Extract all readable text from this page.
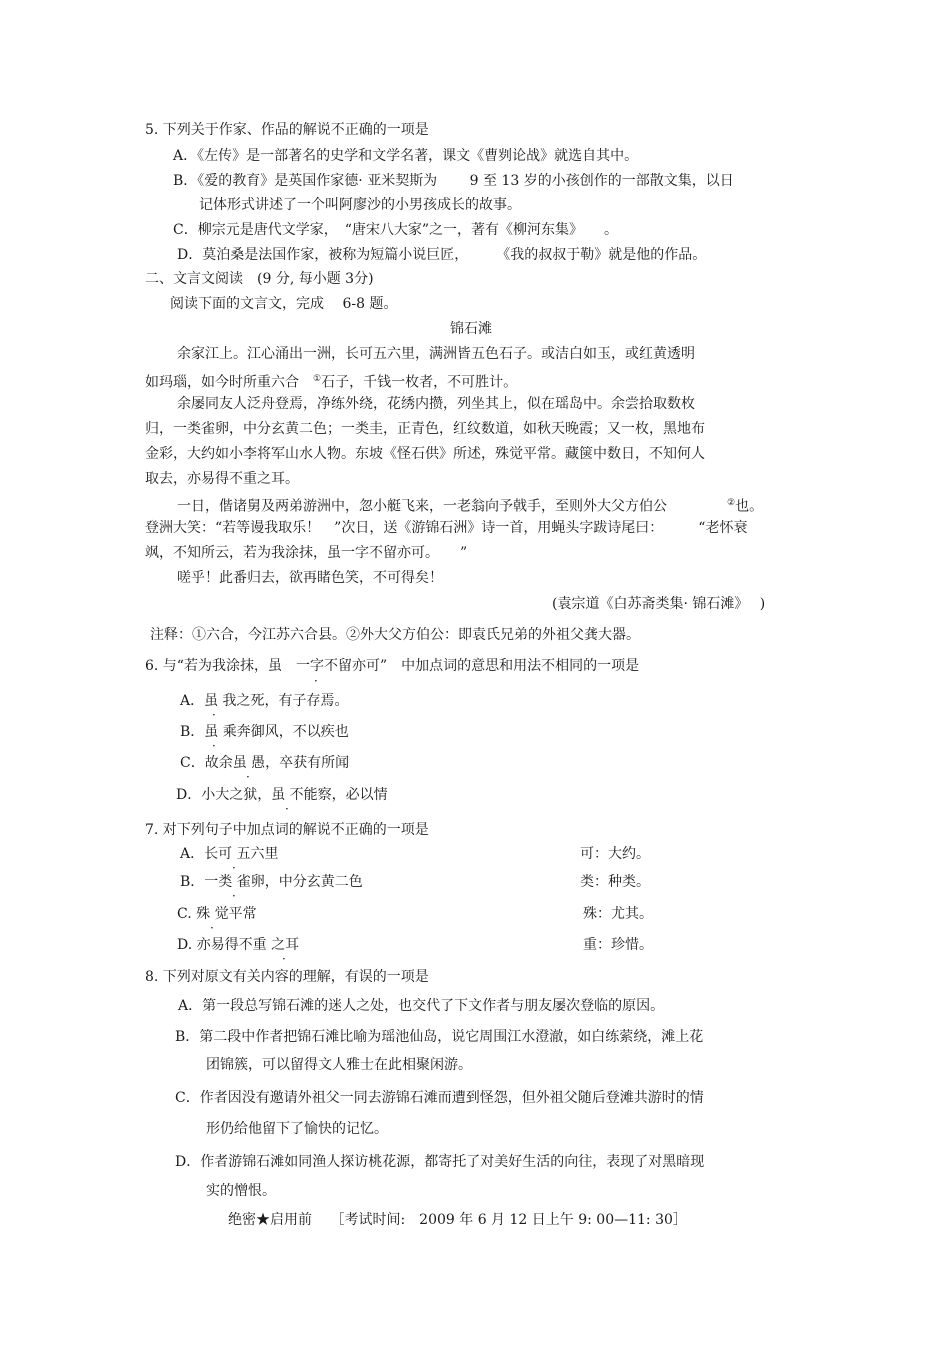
5. 下列关于作家、作品的解说不正确的一项是
A．《左传》是一部著名的史学和文学名著，课文《曹刿论战》就选自其中。
B．《爱的教育》是英国作家德· 亚米契斯为　　 9 至 13 岁的小孩创作的一部散文集，以日
记体形式讲述了一个叫阿廖沙的小男孩成长的故事。
C．柳宗元是唐代文学家，　“唐宋八大家”之一，著有《柳河东集》　　。
D．莫泊桑是法国作家，被称为短篇小说巨匠，　　　《我的叔叔于勒》就是他的作品。
二、文言文阅读　(9 分, 每小题 3分)
阅读下面的文言文，完成　 6-8 题。
锦石滩
余家江上。江心涌出一洲，长可五六里，满洲皆五色石子。或洁白如玉，或红黄透明
如玛瑙，如今时所重六合　①石子，千钱一枚者，不可胜计。
余屡同友人泛舟登焉，净练外绕，花绣内攒，列坐其上，似在瑶岛中。余尝拾取数枚
归，一类雀卵，中分玄黄二色；一类圭，正青色，红纹数道，如秋天晚霞；又一枚，黑地布
金彩，大约如小李将军山水人物。东坡《怪石供》所述，殊觉平常。藏箧中数日，不知何人
取去，亦易得不重之耳。
一日，偕诸舅及两弟游洲中，忽小艇飞来，一老翁向予戟手，至则外大父方伯公	②也。
登洲大笑：“若等谩我取乐！　”次日，送《游锦石洲》诗一首，用蝇头字跋诗尾曰：　　　“老怀衰
飒，不知所云，若为我涂抹，虽一字不留亦可。　　”
嗟乎！此番归去，欲再睹色笑，不可得矣！
(袁宗道《白苏斋类集· 锦石滩》　 )
注释：①六合，今江苏六合县。②外大父方伯公：即袁氏兄弟的外祖父龚大器。
6. 与“若为我涂抹，虽 一字不留亦可”　中加点词的意思和用法不相同的一项是
·
A．虽 我之死，有子存焉。
·
B．虽 乘奔御风，不以疾也
·
C．故余虽 愚，卒获有所闻
·
D．小大之狱，虽 不能察，必以情
·
7. 对下列句子中加点词的解说不正确的一项是
A．长可 五六里
·
可：大约。
B．一类 雀卵，中分玄黄二色
·
类：种类。
C. 殊 觉平常
·
殊：尤其。
D. 亦易得不重 之耳
·
重：珍惜。
8. 下列对原文有关内容的理解，有误的一项是
A．第一段总写锦石滩的迷人之处，也交代了下文作者与朋友屡次登临的原因。
B．第二段中作者把锦石滩比喻为瑶池仙岛，说它周围江水澄澈，如白练萦绕，滩上花
团锦簇，可以留得文人雅士在此相聚闲游。
C．作者因没有邀请外祖父一同去游锦石滩而遭到怪怨，但外祖父随后登滩共游时的情
形仍给他留下了愉快的记忆。
D．作者游锦石滩如同渔人探访桃花源，都寄托了对美好生活的向往，表现了对黑暗现
实的憎恨。
绝密★启用前　 ［考试时间:　2009 年 6 月 12 日上午 9: 00—11: 30］
